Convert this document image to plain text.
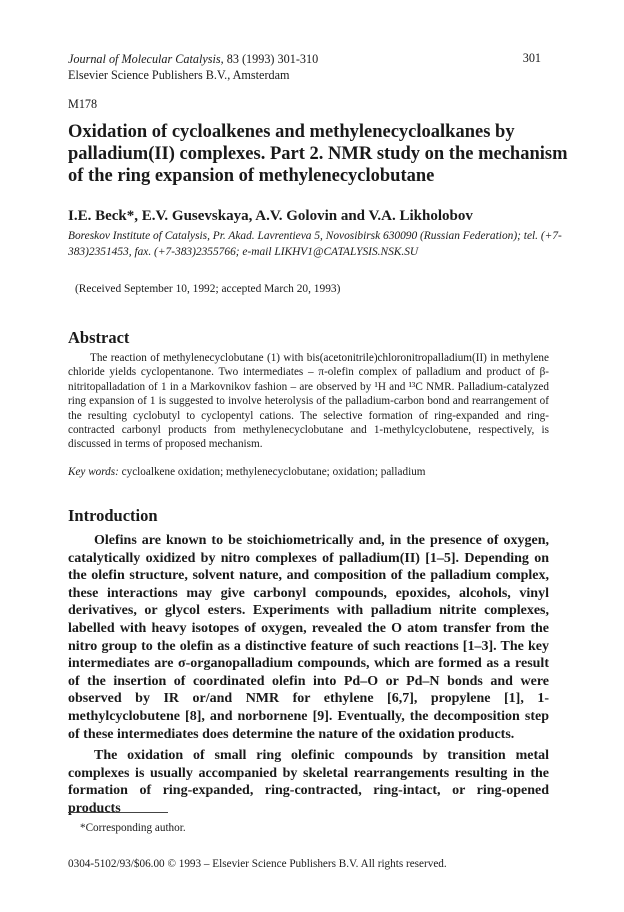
Journal of Molecular Catalysis, 83 (1993) 301-310
Elsevier Science Publishers B.V., Amsterdam
301
M178
Oxidation of cycloalkenes and methylenecycloalkanes by palladium(II) complexes. Part 2. NMR study on the mechanism of the ring expansion of methylenecyclobutane
I.E. Beck*, E.V. Gusevskaya, A.V. Golovin and V.A. Likholobov
Boreskov Institute of Catalysis, Pr. Akad. Lavrentieva 5, Novosibirsk 630090 (Russian Federation); tel. (+7-383)2351453, fax. (+7-383)2355766; e-mail LIKHV1@CATALYSIS.NSK.SU
(Received September 10, 1992; accepted March 20, 1993)
Abstract

The reaction of methylenecyclobutane (1) with bis(acetonitrile)chloronitropalladium(II) in methylene chloride yields cyclopentanone. Two intermediates – π-olefin complex of palladium and product of β-nitritopalladation of 1 in a Markovnikov fashion – are observed by ¹H and ¹³C NMR. Palladium-catalyzed ring expansion of 1 is suggested to involve heterolysis of the palladium-carbon bond and rearrangement of the resulting cyclobutyl to cyclopentyl cations. The selective formation of ring-expanded and ring-contracted carbonyl products from methylenecyclobutane and 1-methylcyclobutene, respectively, is discussed in terms of proposed mechanism.

Key words: cycloalkene oxidation; methylenecyclobutane; oxidation; palladium
Introduction

Olefins are known to be stoichiometrically and, in the presence of oxygen, catalytically oxidized by nitro complexes of palladium(II) [1–5]. Depending on the olefin structure, solvent nature, and composition of the palladium complex, these interactions may give carbonyl compounds, epoxides, alcohols, vinyl derivatives, or glycol esters. Experiments with palladium nitrite complexes, labelled with heavy isotopes of oxygen, revealed the O atom transfer from the nitro group to the olefin as a distinctive feature of such reactions [1–3]. The key intermediates are σ-organopalladium compounds, which are formed as a result of the insertion of coordinated olefin into Pd–O or Pd–N bonds and were observed by IR or/and NMR for ethylene [6,7], propylene [1], 1-methylcyclobutene [8], and norbornene [9]. Eventually, the decomposition step of these intermediates does determine the nature of the oxidation products.

The oxidation of small ring olefinic compounds by transition metal complexes is usually accompanied by skeletal rearrangements resulting in the formation of ring-expanded, ring-contracted, ring-intact, or ring-opened products

*Corresponding author.
0304-5102/93/$06.00 © 1993 – Elsevier Science Publishers B.V. All rights reserved.
